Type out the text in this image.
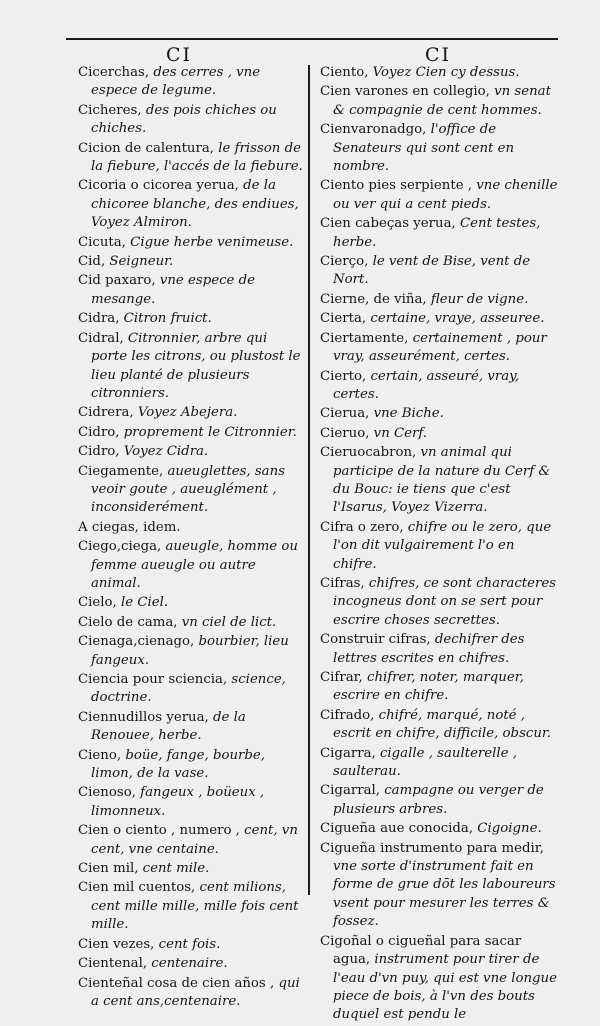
CI	CI
Cicerchas, des cerres , vne espece de legume.
Cicheres, des pois chiches ou chiches.
Cicion de calentura, le frisson de la fiebure, l'accés de la fiebure.
Cicoria o cicorea yerua, de la chicoree blanche, des endiues, Voyez Almiron.
Cicuta, Cigue herbe venimeuse.
Cid, Seigneur.
Cid paxaro, vne espece de mesange.
Cidra, Citron fruict.
Cidral, Citronnier, arbre qui porte les citrons, ou plustost le lieu planté de plusieurs citronniers.
Cidrera, Voyez Abejera.
Cidro, proprement le Citronnier.
Cidro, Voyez Cidra.
Ciegamente, aueuglettes, sans veoir goute , aueuglément , inconsiderément.
A ciegas, idem.
Ciego,ciega, aueugle, homme ou femme aueugle ou autre animal.
Cielo, le Ciel.
Cielo de cama, vn ciel de lict.
Cienaga,cienago, bourbier, lieu fangeux.
Ciencia pour sciencia, science, doctrine.
Ciennudillos yerua, de la Renouee, herbe.
Cieno, boüe, fange, bourbe, limon, de la vase.
Cienoso, fangeux , boüeux , limonneux.
Cien o ciento , numero , cent, vn cent, vne centaine.
Cien mil, cent mile.
Cien mil cuentos, cent milions, cent mille mille, mille fois cent mille.
Cien vezes, cent fois.
Cientenal, centenaire.
Cienteñal cosa de cien años , qui a cent ans,centenaire.
Ciento, Voyez Cien cy dessus.
Cien varones en collegio, vn senat & compagnie de cent hommes.
Cienvaronadgo, l'office de Senateurs qui sont cent en nombre.
Ciento pies serpiente , vne chenille ou ver qui a cent pieds.
Cien cabeças yerua, Cent testes, herbe.
Cierço, le vent de Bise, vent de Nort.
Cierne, de viña, fleur de vigne.
Cierta, certaine, vraye, asseuree.
Ciertamente, certainement , pour vray, asseurément, certes.
Cierto, certain, asseuré, vray, certes.
Cierua, vne Biche.
Cieruo, vn Cerf.
Cieruocabron, vn animal qui participe de la nature du Cerf & du Bouc: ie tiens que c'est l'Isarus, Voyez Vizerra.
Cifra o zero, chifre ou le zero, que l'on dit vulgairement l'o en chifre.
Cifras, chifres, ce sont characteres incogneus dont on se sert pour escrire choses secrettes.
Construir cifras, dechifrer des lettres escrites en chifres.
Cifrar, chifrer, noter, marquer, escrire en chifre.
Cifrado, chifré, marqué, noté , escrit en chifre, difficile, obscur.
Cigarra, cigalle , saulterelle , saulterau.
Cigarral, campagne ou verger de plusieurs arbres.
Cigueña aue conocida, Cigoigne.
Cigueña instrumento para medir, vne sorte d'instrument fait en forme de grue dōt les laboureurs vsent pour mesurer les terres & fossez.
Cigoñal o cigueñal para sacar agua, instrument pour tirer de l'eau d'vn puy, qui est vne longue piece de bois, à l'vn des bouts duquel est pendu le
